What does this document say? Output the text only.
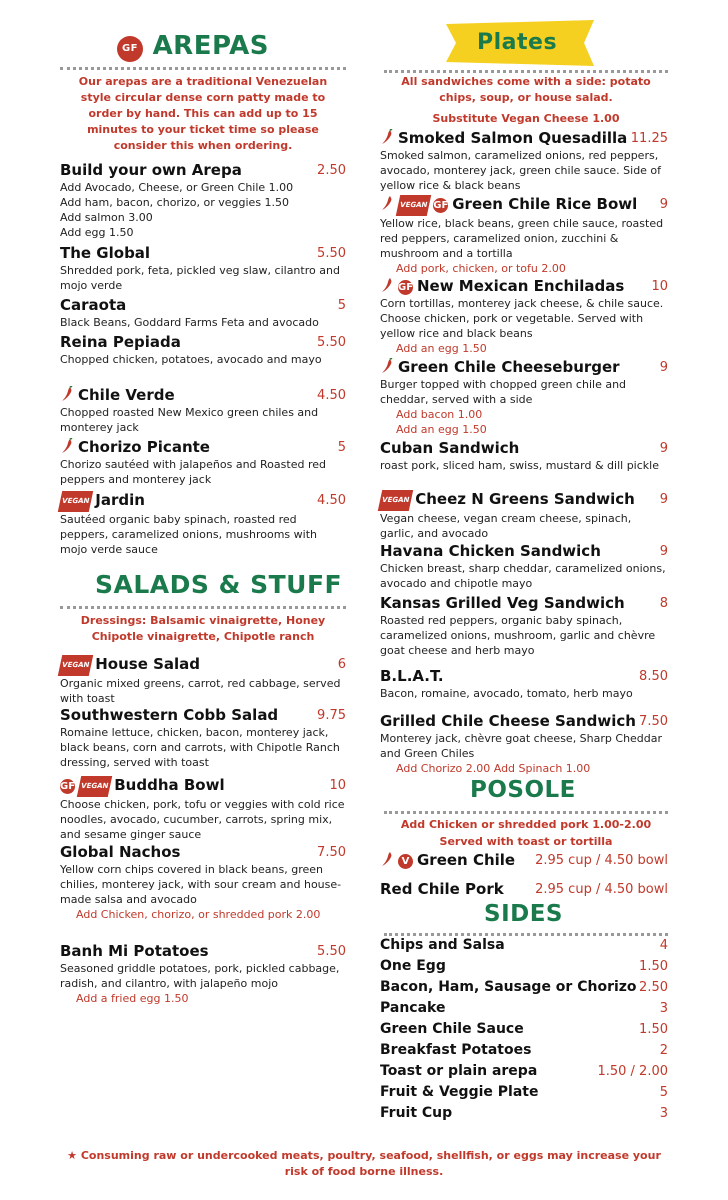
GF AREPAS
Our arepas are a traditional Venezuelan style circular dense corn patty made to order by hand. This can add up to 15 minutes to your ticket time so please consider this when ordering.
Build your own Arepa	2.50
Add Avocado, Cheese, or Green Chile 1.00
Add ham, bacon, chorizo, or veggies 1.50
Add salmon 3.00
Add egg 1.50
The Global	5.50
Shredded pork, feta, pickled veg slaw, cilantro and mojo verde
Caraota	5
Black Beans, Goddard Farms Feta and avocado
Reina Pepiada	5.50
Chopped chicken, potatoes, avocado and mayo
Chile Verde	4.50
Chopped roasted New Mexico green chiles and monterey jack
Chorizo Picante	5
Chorizo sautéed with jalapeños and Roasted red peppers and monterey jack
VEGAN Jardin	4.50
Sautéed organic baby spinach, roasted red peppers, caramelized onions, mushrooms with mojo verde sauce
SALADS & STUFF
Dressings: Balsamic vinaigrette, Honey Chipotle vinaigrette, Chipotle ranch
VEGAN House Salad	6
Organic mixed greens, carrot, red cabbage, served with toast
Southwestern Cobb Salad	9.75
Romaine lettuce, chicken, bacon, monterey jack, black beans, corn and carrots, with Chipotle Ranch dressing, served with toast
GF VEGAN Buddha Bowl	10
Choose chicken, pork, tofu or veggies with cold rice noodles, avocado, cucumber, carrots, spring mix, and sesame ginger sauce
Global Nachos	7.50
Yellow corn chips covered in black beans, green chilies, monterey jack, with sour cream and house-made salsa and avocado
Add Chicken, chorizo, or shredded pork 2.00
Banh Mi Potatoes	5.50
Seasoned griddle potatoes, pork, pickled cabbage, radish, and cilantro, with jalapeño mojo
Add a fried egg 1.50
Plates
All sandwiches come with a side: potato chips, soup, or house salad.
Substitute Vegan Cheese 1.00
Smoked Salmon Quesadilla 11.25
Smoked salmon, caramelized onions, red peppers, avocado, monterey jack, green chile sauce. Side of yellow rice & black beans
VEGAN GF Green Chile Rice Bowl	9
Yellow rice, black beans, green chile sauce, roasted red peppers, caramelized onion, zucchini & mushroom and a tortilla
Add pork, chicken, or tofu 2.00
GF New Mexican Enchiladas	10
Corn tortillas, monterey jack cheese, & chile sauce. Choose chicken, pork or vegetable. Served with yellow rice and black beans
Add an egg 1.50
Green Chile Cheeseburger	9
Burger topped with chopped green chile and cheddar, served with a side
Add bacon 1.00
Add an egg 1.50
Cuban Sandwich	9
roast pork, sliced ham, swiss, mustard & dill pickle
VEGAN Cheez N Greens Sandwich	9
Vegan cheese, vegan cream cheese, spinach, garlic, and avocado
Havana Chicken Sandwich	9
Chicken breast, sharp cheddar, caramelized onions, avocado and chipotle mayo
Kansas Grilled Veg Sandwich	8
Roasted red peppers, organic baby spinach, caramelized onions, mushroom, garlic and chèvre goat cheese and herb mayo
B.L.A.T.	8.50
Bacon, romaine, avocado, tomato, herb mayo
Grilled Chile Cheese Sandwich 7.50
Monterey jack, chèvre goat cheese, Sharp Cheddar and Green Chiles
Add Chorizo 2.00 Add Spinach 1.00
POSOLE
Add Chicken or shredded pork 1.00-2.00
Served with toast or tortilla
V Green Chile	2.95 cup / 4.50 bowl
Red Chile Pork	2.95 cup / 4.50 bowl
SIDES
Chips and Salsa	4
One Egg	1.50
Bacon, Ham, Sausage or Chorizo 2.50
Pancake	3
Green Chile Sauce	1.50
Breakfast Potatoes	2
Toast or plain arepa	1.50 / 2.00
Fruit & Veggie Plate	5
Fruit Cup	3
★ Consuming raw or undercooked meats, poultry, seafood, shellfish, or eggs may increase your risk of food borne illness.
